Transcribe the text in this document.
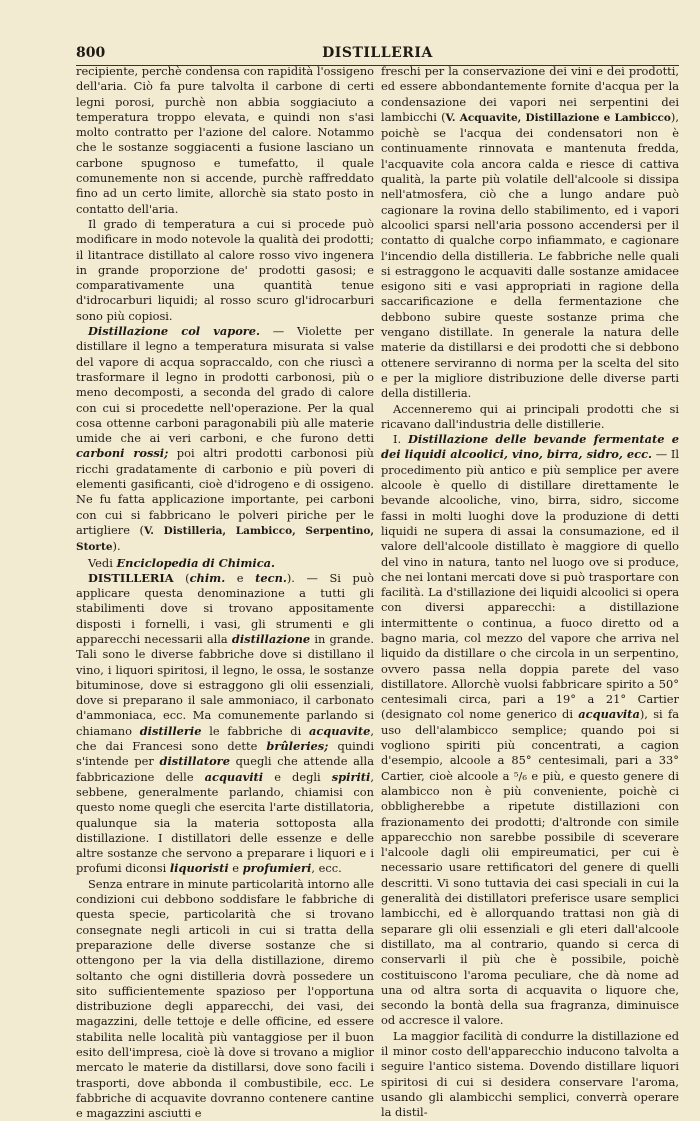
800	DISTILLERIA

recipiente, perchè condensa con rapidità l'ossigeno dell'aria. Ciò fa pure talvolta il carbone di certi legni porosi, purchè non abbia soggiaciuto a temperatura troppo elevata, e quindi non s'asi molto contratto per l'azione del calore. Notammo che le sostanze soggiacenti a fusione lasciano un carbone spugnoso e tumefatto, il quale comunemente non si accende, purchè raffreddato fino ad un certo limite, allorchè sia stato posto in contatto dell'aria.

Il grado di temperatura a cui si procede può modificare in modo notevole la qualità dei prodotti; il litantrace distillato al calore rosso vivo ingenera in grande proporzione de' prodotti gasosi; e comparativamente una quantità tenue d'idrocarburi liquidi; al rosso scuro gl'idrocarburi sono più copiosi.

Distillazione col vapore. — Violette per distillare il legno a temperatura misurata si valse del vapore di acqua sopraccaldo, con che riuscì a trasformare il legno in prodotti carbonosi, più o meno decomposti, a seconda del grado di calore con cui si procedette nell'operazione. Per la qual cosa ottenne carboni paragonabili più alle materie umide che ai veri carboni, e che furono detti carboni rossi; poi altri prodotti carbonosi più ricchi gradatamente di carbonio e più poveri di elementi gasificanti, cioè d'idrogeno e di ossigeno. Ne fu fatta applicazione importante, pei carboni con cui si fabbricano le polveri piriche per le artigliere (V. Distilleria, Lambicco, Serpentino, Storte).

Vedi Enciclopedia di Chimica.

DISTILLERIA (chim. e tecn.). — Si può applicare questa denominazione a tutti gli stabilimenti dove si trovano appositamente disposti i fornelli, i vasi, gli strumenti e gli apparecchi necessarii alla distillazione in grande. Tali sono le diverse fabbriche dove si distillano il vino, i liquori spiritosi, il legno, le ossa, le sostanze bituminose, dove si estraggono gli olii essenziali, dove si preparano il sale ammoniaco, il carbonato d'ammoniaca, ecc. Ma comunemente parlando si chiamano distillerie le fabbriche di acquavite, che dai Francesi sono dette brûleries; quindi s'intende per distillatore quegli che attende alla fabbricazione delle acquaviti e degli spiriti, sebbene, generalmente parlando, chiamisi con questo nome quegli che esercita l'arte distillatoria, qualunque sia la materia sottoposta alla distillazione. I distillatori delle essenze e delle altre sostanze che servono a preparare i liquori e i profumi diconsi liquoristi e profumieri, ecc.

Senza entrare in minute particolarità intorno alle condizioni cui debbono soddisfare le fabbriche di questa specie, particolarità che si trovano consegnate negli articoli in cui si tratta della preparazione delle diverse sostanze che si ottengono per la via della distillazione, diremo soltanto che ogni distilleria dovrà possedere un sito sufficientemente spazioso per l'opportuna distribuzione degli apparecchi, dei vasi, dei magazzini, delle tettoje e delle officine, ed essere stabilita nelle località più vantaggiose per il buon esito dell'impresa, cioè là dove si trovano a miglior mercato le materie da distillarsi, dove sono facili i trasporti, dove abbonda il combustibile, ecc. Le fabbriche di acquavite dovranno contenere cantine e magazzini asciutti e

freschi per la conservazione dei vini e dei prodotti, ed essere abbondantemente fornite d'acqua per la condensazione dei vapori nei serpentini dei lambicchi (V. Acquavite, Distillazione e Lambicco), poichè se l'acqua dei condensatori non è continuamente rinnovata e mantenuta fredda, l'acquavite cola ancora calda e riesce di cattiva qualità, la parte più volatile dell'alcoole si dissipa nell'atmosfera, ciò che a lungo andare può cagionare la rovina dello stabilimento, ed i vapori alcoolici sparsi nell'aria possono accendersi per il contatto di qualche corpo infiammato, e cagionare l'incendio della distilleria. Le fabbriche nelle quali si estraggono le acquaviti dalle sostanze amidacee esigono siti e vasi appropriati in ragione della saccarificazione e della fermentazione che debbono subire queste sostanze prima che vengano distillate. In generale la natura delle materie da distillarsi e dei prodotti che si debbono ottenere serviranno di norma per la scelta del sito e per la migliore distribuzione delle diverse parti della distilleria.

Accenneremo qui ai principali prodotti che si ricavano dall'industria delle distillerie.

I. Distillazione delle bevande fermentate e dei liquidi alcoolici, vino, birra, sidro, ecc. — Il procedimento più antico e più semplice per avere alcoole è quello di distillare direttamente le bevande alcooliche, vino, birra, sidro, siccome fassi in molti luoghi dove la produzione di detti liquidi ne supera di assai la consumazione, ed il valore dell'alcoole distillato è maggiore di quello del vino in natura, tanto nel luogo ove si produce, che nei lontani mercati dove si può trasportare con facilità. La d'stillazione dei liquidi alcoolici si opera con diversi apparecchi: a distillazione intermittente o continua, a fuoco diretto od a bagno maria, col mezzo del vapore che arriva nel liquido da distillare o che circola in un serpentino, ovvero passa nella doppia parete del vaso distillatore. Allorchè vuolsi fabbricare spirito a 50° centesimali circa, pari a 19° a 21° Cartier (designato col nome generico di acquavita), si fa uso dell'alambicco semplice; quando poi si vogliono spiriti più concentrati, a cagion d'esempio, alcoole a 85° centesimali, pari a 33° Cartier, cioè alcoole a ⁵/₆ e più, e questo genere di alambicco non è più conveniente, poichè ci obbligherebbe a ripetute distillazioni con frazionamento dei prodotti; d'altronde con simile apparecchio non sarebbe possibile di sceverare l'alcoole dagli olii empireumatici, per cui è necessario usare rettificatori del genere di quelli descritti. Vi sono tuttavia dei casi speciali in cui la generalità dei distillatori preferisce usare semplici lambicchi, ed è allorquando trattasi non già di separare gli olii essenziali e gli eteri dall'alcoole distillato, ma al contrario, quando si cerca di conservarli il più che è possibile, poichè costituiscono l'aroma peculiare, che dà nome ad una od altra sorta di acquavita o liquore che, secondo la bontà della sua fragranza, diminuisce od accresce il valore.

La maggior facilità di condurre la distillazione ed il minor costo dell'apparecchio inducono talvolta a seguire l'antico sistema. Dovendo distillare liquori spiritosi di cui si desidera conservare l'aroma, usando gli alambicchi semplici, converrà operare la distil-
